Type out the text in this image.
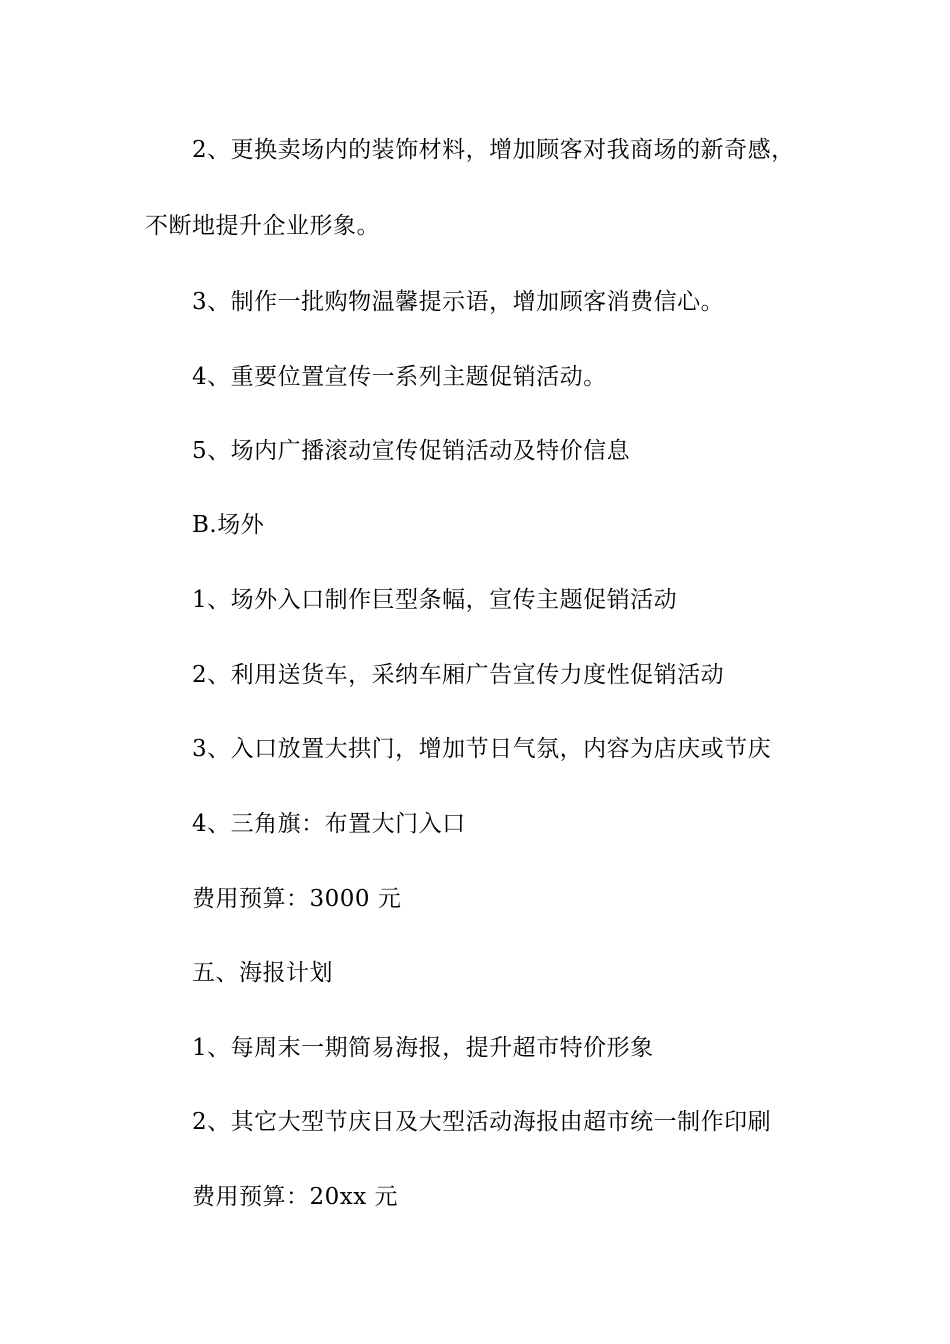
2、更换卖场内的装饰材料，增加顾客对我商场的新奇感，
不断地提升企业形象。
3、制作一批购物温馨提示语，增加顾客消费信心。
4、重要位置宣传一系列主题促销活动。
5、场内广播滚动宣传促销活动及特价信息
B.场外
1、场外入口制作巨型条幅，宣传主题促销活动
2、利用送货车，采纳车厢广告宣传力度性促销活动
3、入口放置大拱门，增加节日气氛，内容为店庆或节庆
4、三角旗：布置大门入口
费用预算：3000 元
五、海报计划
1、每周末一期简易海报，提升超市特价形象
2、其它大型节庆日及大型活动海报由超市统一制作印刷
费用预算：20xx 元
